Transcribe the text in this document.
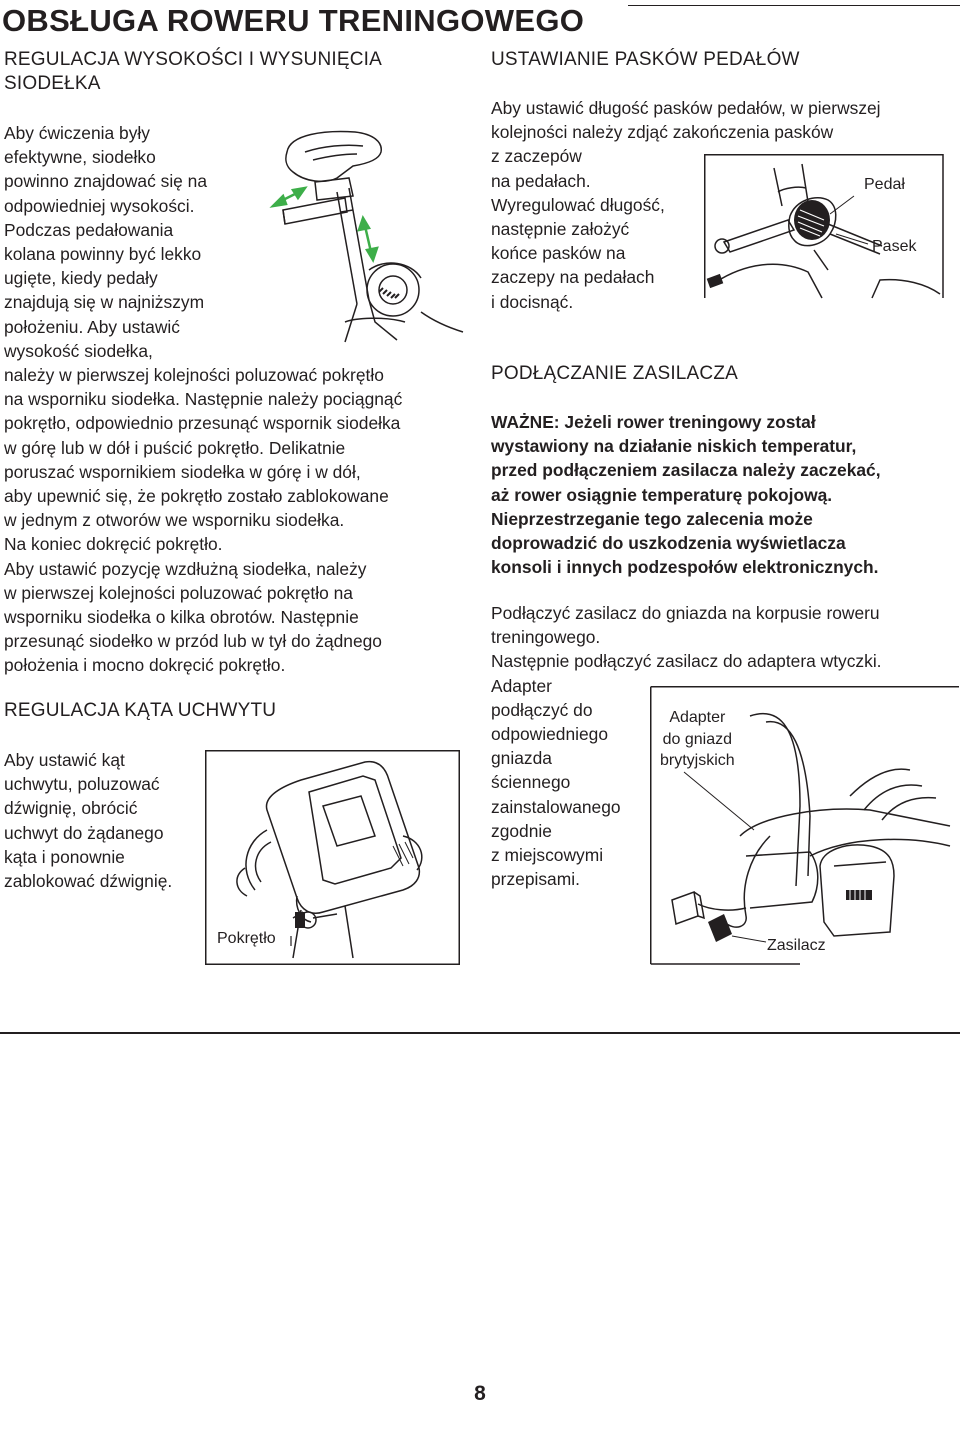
OBSŁUGA ROWERU TRENINGOWEGO
REGULACJA WYSOKOŚCI I WYSUNIĘCIA
SIODEŁKA
Aby ćwiczenia były
efektywne, siodełko
powinno znajdować się na
odpowiedniej wysokości.
Podczas pedałowania
kolana powinny być lekko
ugięte, kiedy pedały
znajdują się w najniższym
położeniu. Aby ustawić
wysokość siodełka,
należy w pierwszej kolejności poluzować pokrętło
na wsporniku siodełka. Następnie należy pociągnąć
pokrętło, odpowiednio przesunąć wspornik siodełka
w górę lub w dół i puścić pokrętło. Delikatnie
poruszać wspornikiem siodełka w górę i w dół,
aby upewnić się, że pokrętło zostało zablokowane
w jednym z otworów we wsporniku siodełka.
Na koniec dokręcić pokrętło.
Aby ustawić pozycję wzdłużną siodełka, należy
w pierwszej kolejności poluzować pokrętło na
wsporniku siodełka o kilka obrotów. Następnie
przesunąć siodełko w przód lub w tył do żądnego
położenia i mocno dokręcić pokrętło.
REGULACJA KĄTA UCHWYTU
Aby ustawić kąt
uchwytu, poluzować
dźwignię, obrócić
uchwyt do żądanego
kąta i ponownie
zablokować dźwignię.
Pokrętło
USTAWIANIE PASKÓW PEDAŁÓW
Aby ustawić długość pasków pedałów, w pierwszej
kolejności należy zdjąć zakończenia pasków
z zaczepów
na pedałach.
Wyregulować długość,
następnie założyć
końce pasków na
zaczepy na pedałach
i docisnąć.
Pedał
Pasek
PODŁĄCZANIE ZASILACZA
WAŻNE: Jeżeli rower treningowy został
wystawiony na działanie niskich temperatur,
przed podłączeniem zasilacza należy zaczekać,
aż rower osiągnie temperaturę pokojową.
Nieprzestrzeganie tego zalecenia może
doprowadzić do uszkodzenia wyświetlacza
konsoli i innych podzespołów elektronicznych.
Podłączyć zasilacz do gniazda na korpusie roweru
treningowego.
Następnie podłączyć zasilacz do adaptera wtyczki.
Adapter
podłączyć do
odpowiedniego
gniazda
ściennego
zainstalowanego
zgodnie
z miejscowymi
przepisami.
Adapter
do gniazd
brytyjskich
Zasilacz
8
